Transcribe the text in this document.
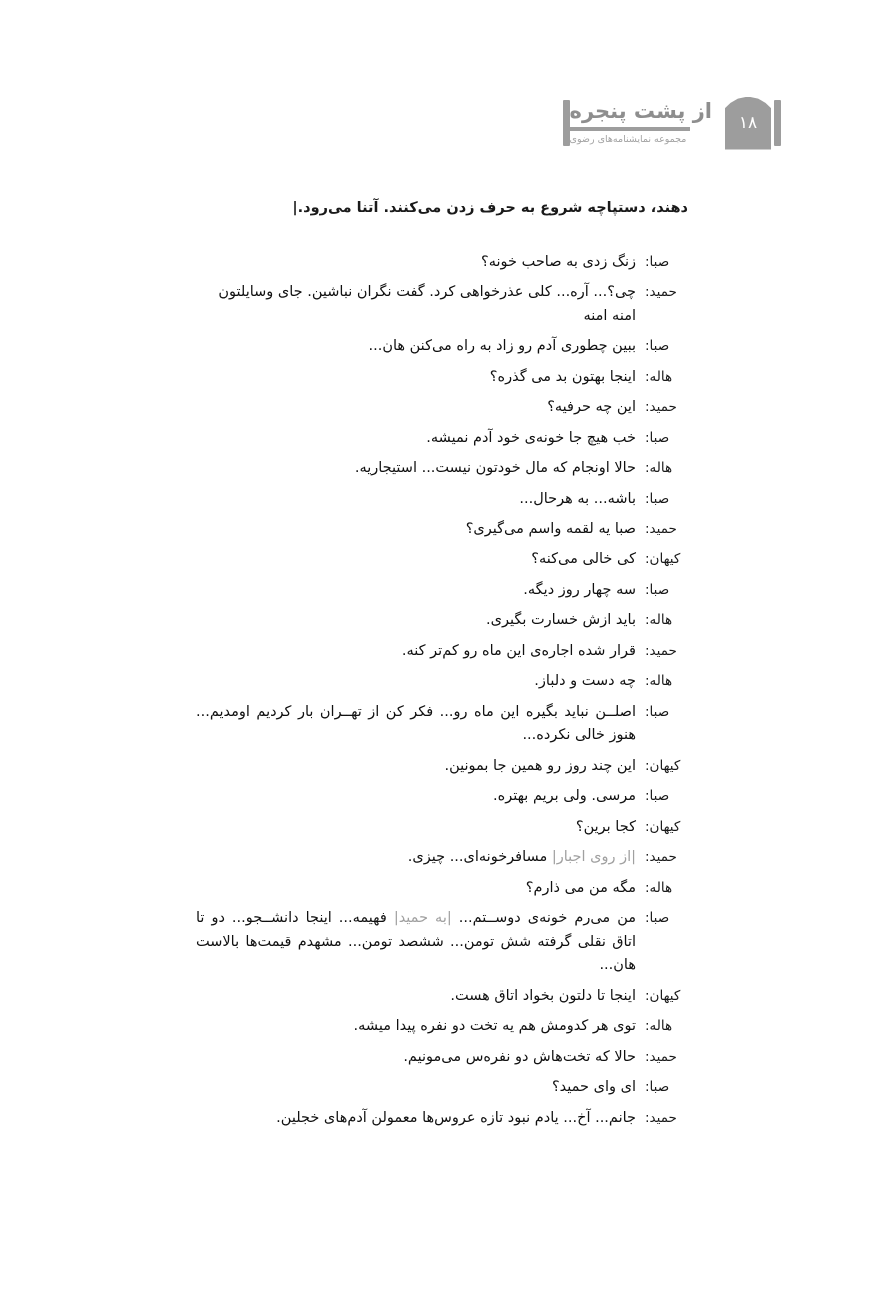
۱۸
از پشت پنجره
مجموعه نمایشنامه‌های رضوی
دهند، دستپاچه شروع به حرف زدن می‌کنند. آتنا می‌رود.|
صبا:
زنگ زدی به صاحب خونه؟
حمید:
چی؟... آره... کلی عذرخواهی کرد. گفت نگران نباشین. جای وسایلتون امنه امنه
صبا:
ببین چطوری آدم رو زاد به راه می‌کنن هان...
هاله:
اینجا بهتون بد می گذره؟
حمید:
این چه حرفیه؟
صبا:
خب هیچ جا خونه‌ی خود آدم نمیشه.
هاله:
حالا اونجام که مال خودتون نیست... استیجاریه.
صبا:
باشه... به هرحال...
حمید:
صبا یه لقمه واسم می‌گیری؟
کیهان:
کی خالی می‌کنه؟
صبا:
سه چهار روز دیگه.
هاله:
باید ازش خسارت بگیری.
حمید:
قرار شده اجاره‌ی این ماه رو کم‌تر کنه.
هاله:
چه دست و دلباز.
صبا:
اصلــن نباید بگیره این ماه رو... فکر کن از تهــران بار کردیم اومدیم... هنوز خالی نکرده...
کیهان:
این چند روز رو همین جا بمونین.
صبا:
مرسی. ولی بریم بهتره.
کیهان:
کجا برین؟
حمید:
|از روی اجبار| مسافرخونه‌ای... چیزی.
هاله:
مگه من می ذارم؟
صبا:
من می‌رم خونه‌ی دوســتم... |به حمید| فهیمه... اینجا دانشــجو... دو تا اتاق نقلی گرفته شش تومن... ششصد تومن... مشهدم قیمت‌ها بالاست هان...
کیهان:
اینجا تا دلتون بخواد اتاق هست.
هاله:
توی هر کدومش هم یه تخت دو نفره پیدا میشه.
حمید:
حالا که تخت‌هاش دو نفره‌س می‌مونیم.
صبا:
ای وای حمید؟
حمید:
جانم... آخ... یادم نبود تازه عروس‌ها معمولن آدم‌های خجلین.
